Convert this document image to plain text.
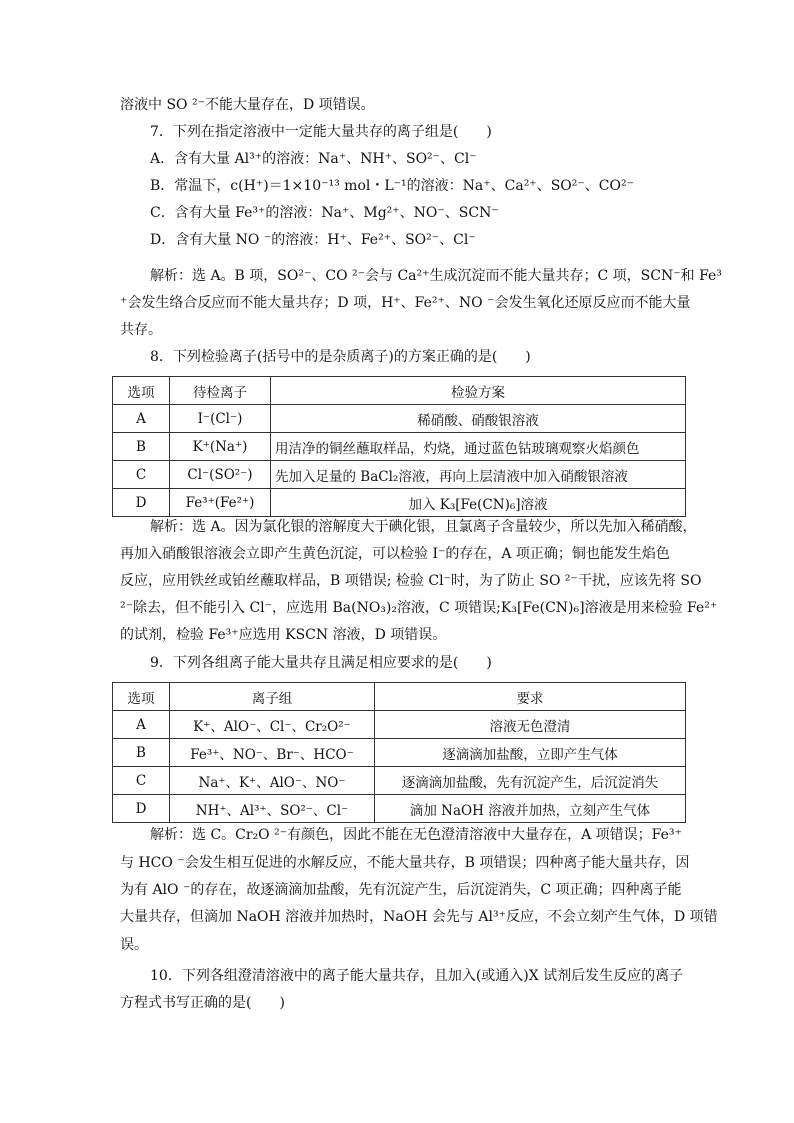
溶液中 SO ²⁻不能大量存在，D 项错误。

7．下列在指定溶液中一定能大量共存的离子组是(　　)

A．含有大量 Al³⁺的溶液：Na⁺、NH⁺、SO²⁻、Cl⁻

B．常温下，c(H⁺)＝1×10⁻¹³ mol・L⁻¹的溶液：Na⁺、Ca²⁺、SO²⁻、CO²⁻

C．含有大量 Fe³⁺的溶液：Na⁺、Mg²⁺、NO⁻、SCN⁻

D．含有大量 NO ⁻的溶液：H⁺、Fe²⁺、SO²⁻、Cl⁻

解析：选 A。B 项，SO²⁻、CO ²⁻会与 Ca²⁺生成沉淀而不能大量共存；C 项，SCN⁻和 Fe³

⁺会发生络合反应而不能大量共存；D 项，H⁺、Fe²⁺、NO ⁻会发生氧化还原反应而不能大量

共存。

8．下列检验离子(括号中的是杂质离子)的方案正确的是(　　)

选项	待检离子	检验方案
A	I⁻(Cl⁻)	稀硝酸、硝酸银溶液
B	K⁺(Na⁺)	用洁净的铜丝蘸取样品，灼烧，通过蓝色钴玻璃观察火焰颜色
C	Cl⁻(SO²⁻)	先加入足量的 BaCl₂溶液，再向上层清液中加入硝酸银溶液
D	Fe³⁺(Fe²⁺)	加入 K₃[Fe(CN)₆]溶液

解析：选 A。因为氯化银的溶解度大于碘化银，且氯离子含量较少，所以先加入稀硝酸，

再加入硝酸银溶液会立即产生黄色沉淀，可以检验 I⁻的存在，A 项正确；铜也能发生焰色

反应，应用铁丝或铂丝蘸取样品，B 项错误; 检验 Cl⁻时，为了防止 SO ²⁻干扰，应该先将 SO

²⁻除去，但不能引入 Cl⁻，应选用 Ba(NO₃)₂溶液，C 项错误;K₃[Fe(CN)₆]溶液是用来检验 Fe²⁺

的试剂，检验 Fe³⁺应选用 KSCN 溶液，D 项错误。

9．下列各组离子能大量共存且满足相应要求的是(　　)

选项	离子组	要求
A	K⁺、AlO⁻、Cl⁻、Cr₂O²⁻	溶液无色澄清
B	Fe³⁺、NO⁻、Br⁻、HCO⁻	逐滴滴加盐酸，立即产生气体
C	Na⁺、K⁺、AlO⁻、NO⁻	逐滴滴加盐酸，先有沉淀产生，后沉淀消失
D	NH⁺、Al³⁺、SO²⁻、Cl⁻	滴加 NaOH 溶液并加热，立刻产生气体

解析：选 C。Cr₂O ²⁻有颜色，因此不能在无色澄清溶液中大量存在，A 项错误；Fe³⁺

与 HCO ⁻会发生相互促进的水解反应，不能大量共存，B 项错误；四种离子能大量共存，因

为有 AlO ⁻的存在，故逐滴滴加盐酸，先有沉淀产生，后沉淀消失，C 项正确；四种离子能

大量共存，但滴加 NaOH 溶液并加热时，NaOH 会先与 Al³⁺反应，不会立刻产生气体，D 项错

误。

10．下列各组澄清溶液中的离子能大量共存，且加入(或通入)X 试剂后发生反应的离子

方程式书写正确的是(　　)
